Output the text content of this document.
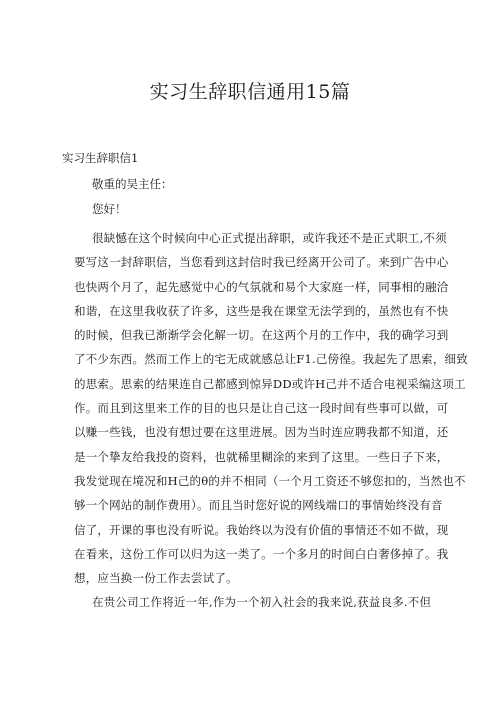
实习生辞职信通用15篇
实习生辞职信1
敬重的吴主任：
您好！
很缺憾在这个时候向中心正式提出辞职，或许我还不是正式职工,不须
要写这一封辞职信，当您看到这封信时我已经离开公司了。来到广告中心
也快两个月了，起先感觉中心的气氛就和易个大家庭一样，同事相的融洽
和谐，在这里我收获了许多，这些是我在课堂无法学到的，虽然也有不快
的时候，但我已渐渐学会化解一切。在这两个月的工作中，我的确学习到
了不少东西。然而工作上的宅无成就感总让F1.己傍徨。我起先了思索，细致
的思索。思索的结果连自己都感到惊异DD或许H己并不适合电视采编这项工
作。而且到这里来工作的目的也只是让自己这一段时间有些事可以做，可
以赚一些钱，也没有想过要在这里进展。因为当时连应聘我都不知道，还
是一个挚友给我投的资料，也就稀里糊涂的来到了这里。一些日子下来，
我发觉现在境况和H己的θ的并不相同（一个月工资还不够您扣的，当然也不
够一个网站的制作费用）。而且当时您好说的网线端口的事情始终没有音
信了，开课的事也没有听说。我始终以为没有价值的事情还不如不做，现
在看来，这份工作可以归为这一类了。一个多月的时间白白奢侈掉了。我
想，应当换一份工作去尝试了。
在贵公司工作将近一年,作为一个初入社会的我来说,获益良多.不但
